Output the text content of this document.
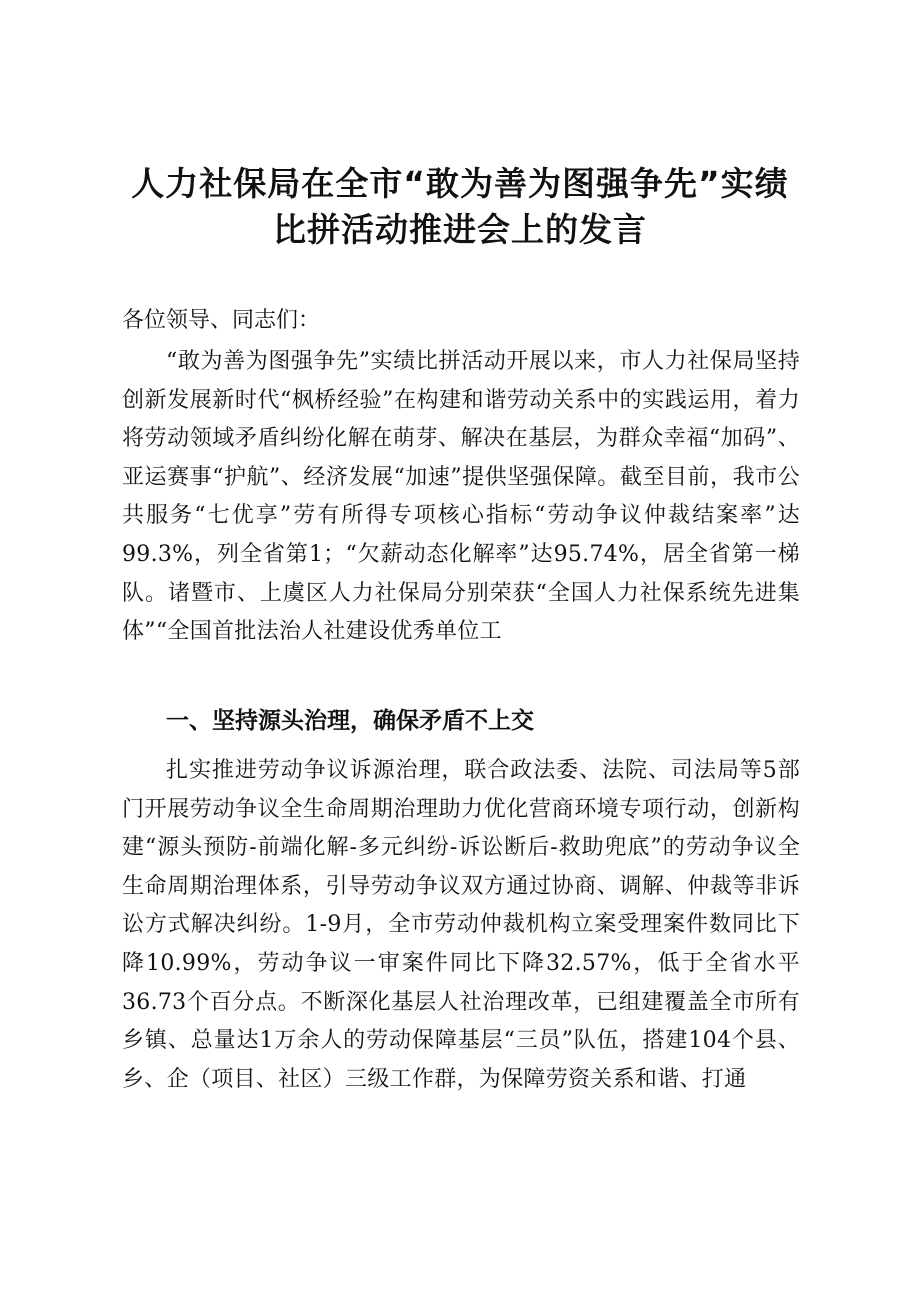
人力社保局在全市“敢为善为图强争先”实绩
比拼活动推进会上的发言
各位领导、同志们：
“敢为善为图强争先”实绩比拼活动开展以来，市人力社保局坚持创新发展新时代“枫桥经验”在构建和谐劳动关系中的实践运用，着力将劳动领域矛盾纠纷化解在萌芽、解决在基层，为群众幸福“加码”、亚运赛事“护航”、经济发展“加速”提供坚强保障。截至目前，我市公共服务“七优享”劳有所得专项核心指标“劳动争议仲裁结案率”达99.3%，列全省第1；“欠薪动态化解率”达95.74%，居全省第一梯队。诸暨市、上虞区人力社保局分别荣获“全国人力社保系统先进集体”“全国首批法治人社建设优秀单位工
一、坚持源头治理，确保矛盾不上交
扎实推进劳动争议诉源治理，联合政法委、法院、司法局等5部门开展劳动争议全生命周期治理助力优化营商环境专项行动，创新构建“源头预防-前端化解-多元纠纷-诉讼断后-救助兜底”的劳动争议全生命周期治理体系，引导劳动争议双方通过协商、调解、仲裁等非诉讼方式解决纠纷。1-9月，全市劳动仲裁机构立案受理案件数同比下降10.99%，劳动争议一审案件同比下降32.57%，低于全省水平36.73个百分点。不断深化基层人社治理改革，已组建覆盖全市所有乡镇、总量达1万余人的劳动保障基层“三员”队伍，搭建104个县、乡、企（项目、社区）三级工作群，为保障劳资关系和谐、打通
